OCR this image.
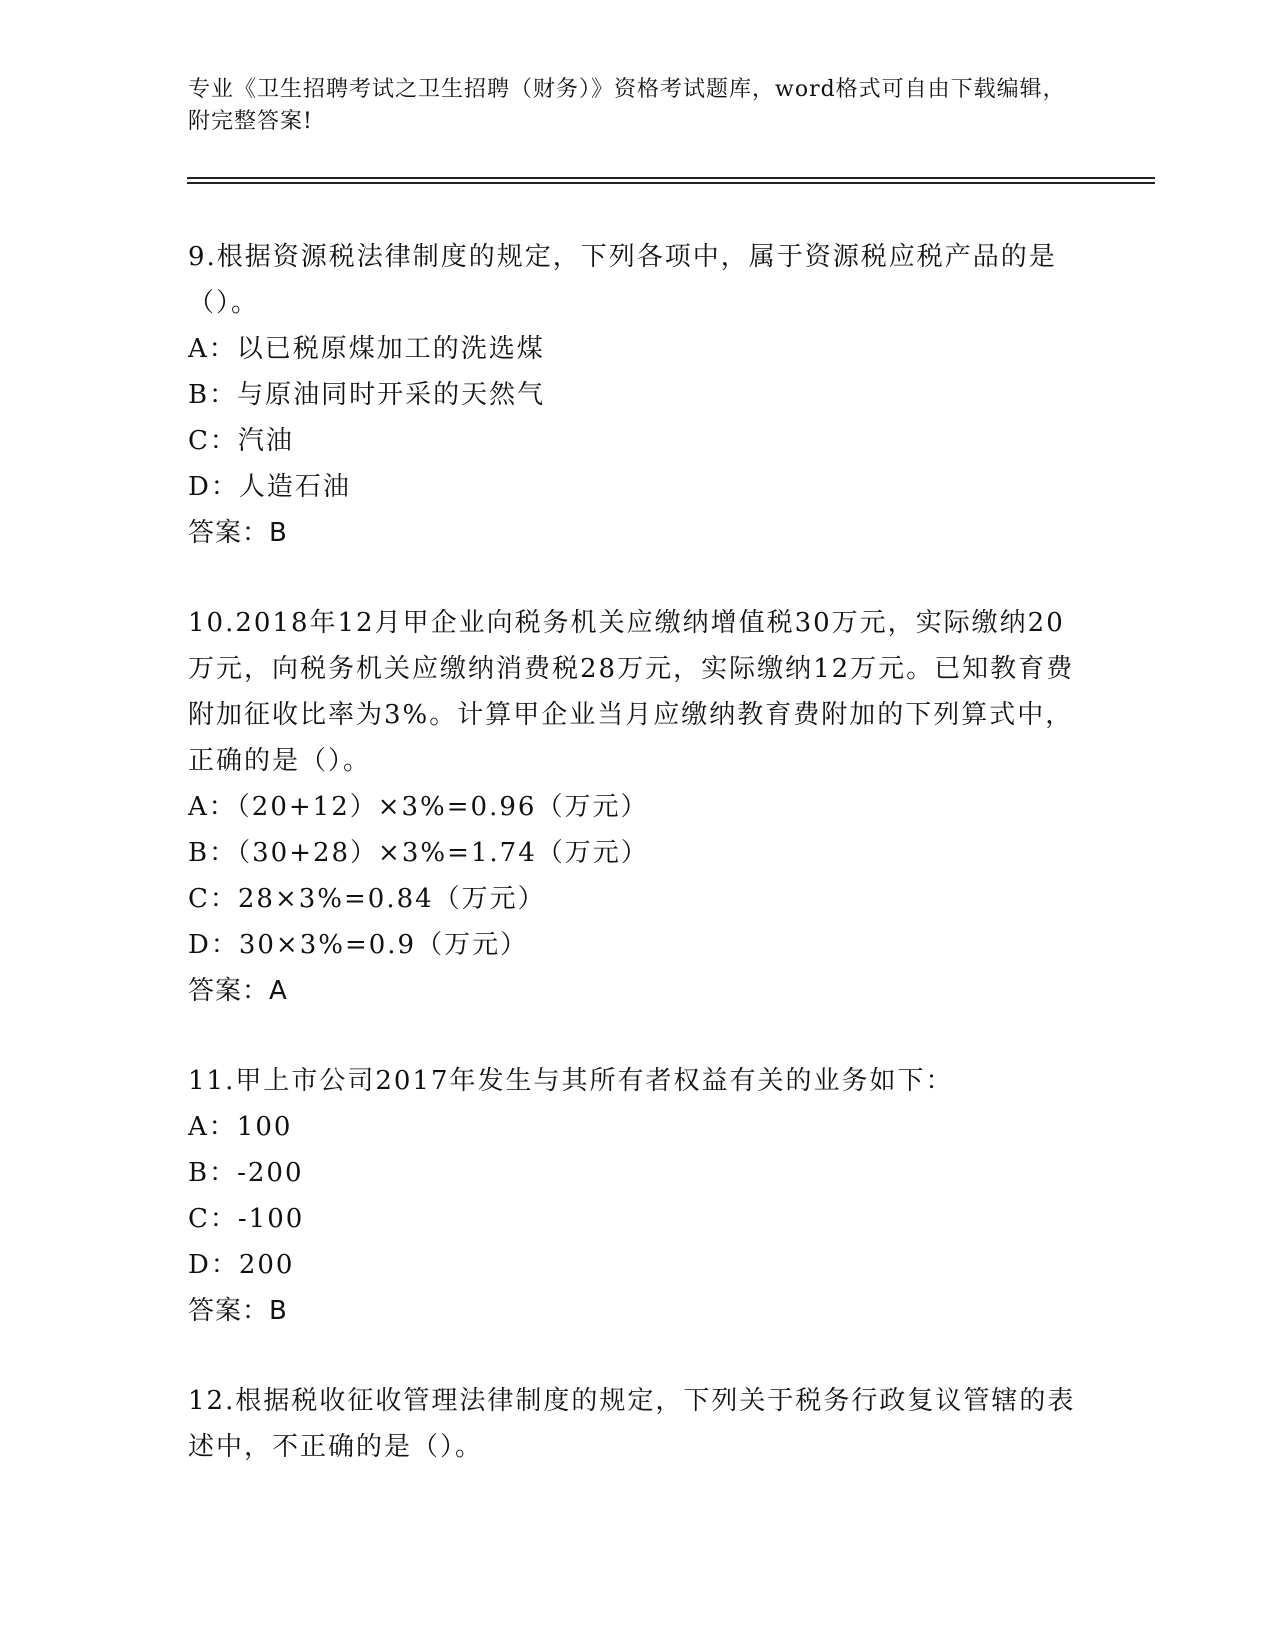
专业《卫生招聘考试之卫生招聘（财务）》资格考试题库，word格式可自由下载编辑，附完整答案!
9.根据资源税法律制度的规定，下列各项中，属于资源税应税产品的是（）。
A：以已税原煤加工的洗选煤
B：与原油同时开采的天然气
C：汽油
D：人造石油
答案：B
10.2018年12月甲企业向税务机关应缴纳增值税30万元，实际缴纳20万元，向税务机关应缴纳消费税28万元，实际缴纳12万元。已知教育费附加征收比率为3%。计算甲企业当月应缴纳教育费附加的下列算式中，正确的是（）。
A：（20+12）×3%=0.96（万元）
B：（30+28）×3%=1.74（万元）
C：28×3%=0.84（万元）
D：30×3%=0.9（万元）
答案：A
11.甲上市公司2017年发生与其所有者权益有关的业务如下：
A：100
B：-200
C：-100
D：200
答案：B
12.根据税收征收管理法律制度的规定，下列关于税务行政复议管辖的表述中，不正确的是（）。
